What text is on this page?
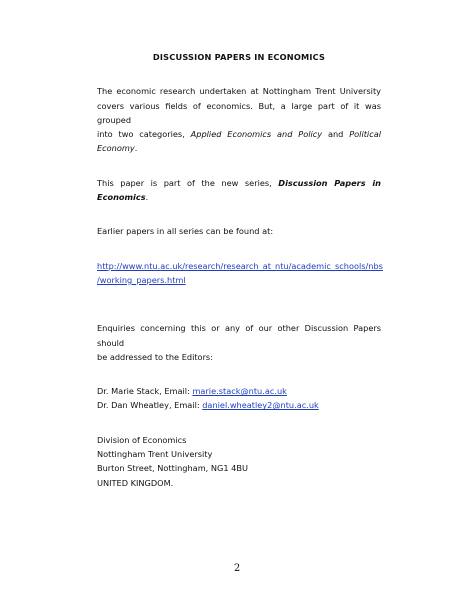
DISCUSSION PAPERS IN ECONOMICS
The economic research undertaken at Nottingham Trent University
covers various fields of economics. But, a large part of it was grouped
into two categories, Applied Economics and Policy and Political
Economy.
This paper is part of the new series, Discussion Papers in
Economics.
Earlier papers in all series can be found at:
http://www.ntu.ac.uk/research/research_at_ntu/academic_schools/nbs
/working_papers.html
Enquiries concerning this or any of our other Discussion Papers should
be addressed to the Editors:
Dr. Marie Stack, Email: marie.stack@ntu.ac.uk
Dr. Dan Wheatley, Email: daniel.wheatley2@ntu.ac.uk
Division of Economics
Nottingham Trent University
Burton Street, Nottingham, NG1 4BU
UNITED KINGDOM.
2
